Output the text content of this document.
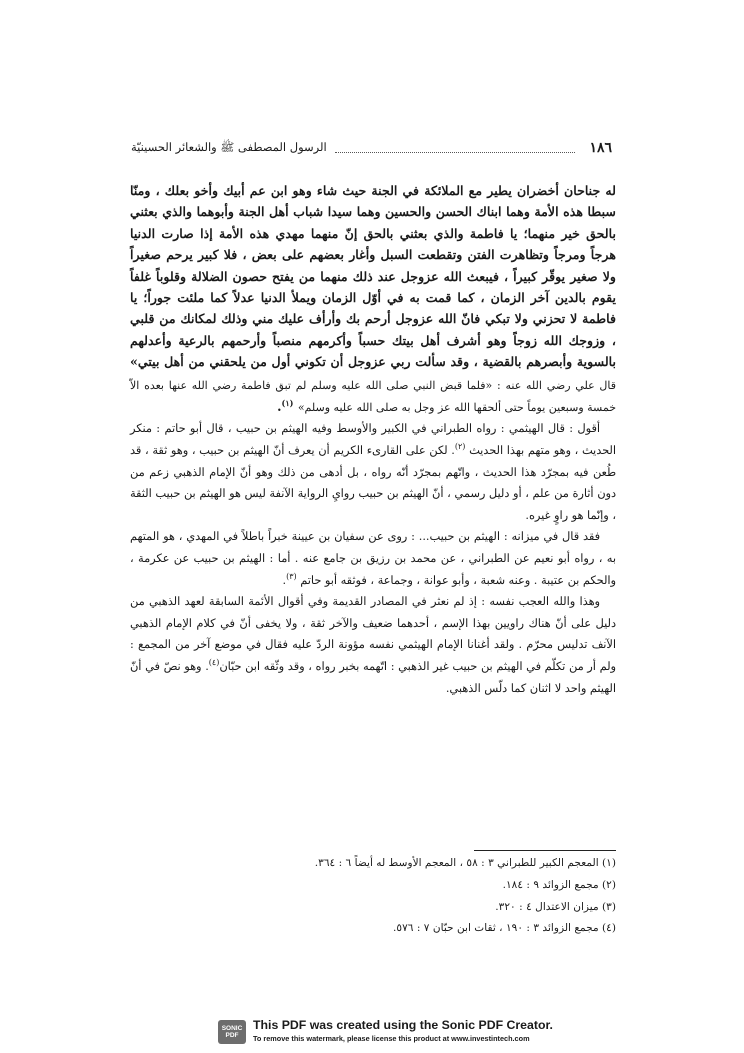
١٨٦
الرسول المصطفى ﷺ والشعائر الحسينيّة

له جناحان أخضران يطير مع الملائكة في الجنة حيث شاء وهو ابن عم أبيك وأخو بعلك ، ومنّا سبطا هذه الأمة وهما ابناك الحسن والحسين وهما سيدا شباب أهل الجنة وأبوهما والذي بعثني بالحق خير منهما؛ يا فاطمة والذي بعثني بالحق إنّ منهما مهدي هذه الأمة إذا صارت الدنيا هرجاً ومرجاً وتظاهرت الفتن وتقطعت السبل وأغار بعضهم على بعض ، فلا كبير يرحم صغيراً ولا صغير يوقّر كبيراً ، فيبعث الله عزوجل عند ذلك منهما من يفتح حصون الضلالة وقلوباً غلفاً يقوم بالدين آخر الزمان ، كما قمت به في أوّل الزمان ويملأ الدنيا عدلاً كما ملئت جوراً؛ يا فاطمة لا تحزني ولا تبكي فانّ الله عزوجل أرحم بك وأرأف عليك مني وذلك لمكانك من قلبي ، وزوجك الله زوجاً وهو أشرف أهل بيتك حسباً وأكرمهم منصباً وأرحمهم بالرعية وأعدلهم بالسوية وأبصرهم بالقضية ، وقد سألت ربي عزوجل أن تكوني أول من يلحقني من أهل بيتي» قال علي رضي الله عنه : «فلما قبض النبي صلى الله عليه وسلم لم تبق فاطمة رضي الله عنها بعده الاّ خمسة وسبعين يوماً حتى ألحقها الله عز وجل به صلى الله عليه وسلم» $^{(١)}$.

أقول : قال الهيثمي : رواه الطبراني في الكبير والأوسط وفيه الهيثم بن حبيب ، قال أبو حاتم : منكر الحديث ، وهو متهم بهذا الحديث $^{(٢)}$. لكن على القارىء الكريم أن يعرف أنّ الهيثم بن حبيب ، وهو ثقة ، قد طُعن فيه بمجرّد هذا الحديث ، واتّهم بمجرّد أنّه رواه ، بل أدهى من ذلك وهو أنّ الإمام الذهبي زعم من دون أثارة من علم ، أو دليل رسمي ، أنّ الهيثم بن حبيب روايِ الرواية الآنفة ليس هو الهيثم بن حبيب الثقة ، وإنّما هو راوٍ غيره.

فقد قال في ميزانه : الهيثم بن حبيب... : روى عن سفيان بن عيينة خبراً باطلاً في المهدي ، هو المتهم به ، رواه أبو نعيم عن الطبراني ، عن محمد بن رزيق بن جامع عنه . أما : الهيثم بن حبيب عن عكرمة ، والحكم بن عتيبة . وعنه شعبة ، وأبو عوانة ، وجماعة ، فوثقه أبو حاتم $^{(٣)}$.

وهذا والله العجب نفسه : إذ لم نعثر في المصادر القديمة وفي أقوال الأئمة السابقة لعهد الذهبي من دليل على أنّ هناك راويين بهذا الإسم ، أحدهما ضعيف والآخر ثقة ، ولا يخفى أنّ في كلام الإمام الذهبي الآنف تدليس محرّم . ولقد أغنانا الإمام الهيثمي نفسه مؤونة الردّ عليه فقال في موضع آخر من المجمع : ولم أر من تكلّم في الهيثم بن حبيب غير الذهبي : اتّهمه بخبر رواه ، وقد وثّقه ابن حبّان$^{(٤)}$. وهو نصّ في أنّ الهيثم واحد لا اثنان كما دلّس الذهبي.

(١) المعجم الكبير للطبراني ٣ : ٥٨ ، المعجم الأوسط له أيضاً ٦ : ٣٦٤.
(٢) مجمع الزوائد ٩ : ١٨٤.
(٣) ميزان الاعتدال ٤ : ٣٢٠.
(٤) مجمع الزوائد ٣ : ١٩٠ ، ثقات ابن حبّان ٧ : ٥٧٦.
SONIC PDF
This PDF was created using the Sonic PDF Creator.
To remove this watermark, please license this product at www.investintech.com
